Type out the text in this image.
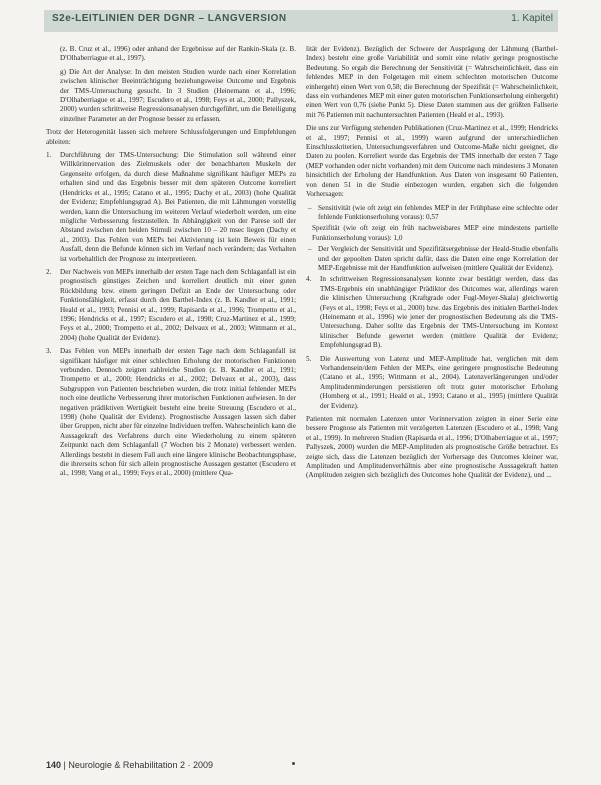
S2e-LEITLINIEN DER DGNR – LANGVERSION	1. Kapitel

(z. B. Cruz et al., 1996) oder anhand der Ergebnisse auf der Rankin-Skala (z. B. D'Olhaberriague et al., 1997).

g) Die Art der Analyse: In den meisten Studien wurde nach einer Korrelation zwischen klinischer Beeinträchtigung beziehungsweise Outcome und Ergebnis der TMS-Untersuchung gesucht. In 3 Studien (Heinemann et al., 1996; D'Olhaberriague et al., 1997; Escudero et al., 1998; Feys et al., 2000; Pallyszek, 2000) wurden schrittweise Regressionsanalysen durchgeführt, um die Beteiligung einzelner Parameter an der Prognose besser zu erfassen.

Trotz der Heterogenität lassen sich mehrere Schlussfolgerungen und Empfehlungen ableiten:

1. Durchführung der TMS-Untersuchung: Die Stimulation soll während einer Willkürinnervation des Zielmuskels oder der benachbarten Muskeln der Gegenseite erfolgen, da durch diese Maßnahme signifikant häufiger MEPs zu erhalten sind und das Ergebnis besser mit dem späteren Outcome korreliert (Hendricks et al., 1995; Catano et al., 1995; Dachy et al., 2003) (hohe Qualität der Evidenz; Empfehlungsgrad A). Bei Patienten, die mit Lähmungen vorstellig werden, kann die Untersuchung im weiteren Verlauf wiederholt werden, um eine mögliche Verbesserung festzustellen. In Abhängigkeit von der Parese soll der Abstand zwischen den beiden Stimuli zwischen 10 – 20 msec liegen (Dachy et al., 2003). Das Fehlen von MEPs bei Aktivierung ist kein Beweis für einen Ausfall, denn die Befunde können sich im Verlauf noch verändern; das Verhalten ist vorbehaltlich der Prognose zu interpretieren.
2. Der Nachweis von MEPs innerhalb der ersten Tage nach dem Schlaganfall ist ein prognostisch günstiges Zeichen und korreliert deutlich mit einer guten Rückbildung bzw. einem geringen Defizit an Ende der Untersuchung oder Funktionsfähigkeit, erfasst durch den Barthel-Index (z. B. Kandler et al., 1991; Heald et al., 1993; Pennisi et al., 1999; Rapisarda et al., 1996; Trompetto et al., 1996; Hendricks et al., 1997; Escudero et al., 1998; Cruz-Martinez et al., 1999; Feys et al., 2000; Trompetto et al., 2002; Delvaux et al., 2003; Wittmann et al., 2004) (hohe Qualität der Evidenz).
3. Das Fehlen von MEPs innerhalb der ersten Tage nach dem Schlaganfall ist signifikant häufiger mit einer schlechten Erholung der motorischen Funktionen verbunden. Dennoch zeigten zahlreiche Studien (z. B. Kandler et al., 1991; Trompetto et al., 2000; Hendricks et al., 2002; Delvaux et al., 2003), dass Subgruppen von Patienten beschrieben wurden, die trotz initial fehlender MEPs noch eine deutliche Verbesserung ihrer motorischen Funktionen aufwiesen. In der negativen prädiktiven Wertigkeit besteht eine breite Streuung (Escudero et al., 1998) (hohe Qualität der Evidenz). Prognostische Aussagen lassen sich daher über Gruppen, nicht aber für einzelne Individuen treffen. Wahrscheinlich kann die Aussagekraft des Verfahrens durch eine Wiederholung zu einem späteren Zeitpunkt nach dem Schlaganfall (7 Wochen bis 2 Monate) verbessert werden. Allerdings besteht in diesem Fall auch eine längere klinische Beobachtungsphase, die ihrerseits schon für sich allein prognostische Aussagen gestattet (Escudero et al., 1998; Vang et al., 1999; Feys et al., 2000) (mittlere Qua-

lität der Evidenz). Bezüglich der Schwere der Ausprägung der Lähmung (Barthel-Index) besteht eine große Variabilität und somit eine relativ geringe prognostische Bedeutung. So ergab die Berechnung der Sensitivität (= Wahrscheinlichkeit, dass ein fehlendes MEP in den Folgetagen mit einem schlechten motorischen Outcome einhergeht) einen Wert von 0,58; die Berechnung der Spezifität (= Wahrscheinlichkeit, dass ein vorhandenes MEP mit einer guten motorischen Funktionserholung einhergeht) einen Wert von 0,76 (siehe Punkt 5). Diese Daten stammen aus der größten Fallserie mit 76 Patienten mit nachuntersuchten Patienten (Heald et al., 1993).

Die uns zur Verfügung stehenden Publikationen (Cruz-Martinez et al., 1999; Hendricks et al., 1997; Pennisi et al., 1999) waren aufgrund der unterschiedlichen Einschlusskriterien, Untersuchungsverfahren und Outcome-Maße nicht geeignet, die Daten zu poolen. Korreliert wurde das Ergebnis der TMS innerhalb der ersten 7 Tage (MEP vorhanden oder nicht vorhanden) mit dem Outcome nach mindestens 3 Monaten hinsichtlich der Erholung der Handfunktion. Aus Daten von insgesamt 60 Patienten, von denen 51 in die Studie einbezogen wurden, ergaben sich die folgenden Vorhersagen:

– Sensitivität (wie oft zeigt ein fehlendes MEP in der Frühphase eine schlechte oder fehlende Funktionserholung voraus): 0,57
Spezifität (wie oft zeigt ein früh nachweisbares MEP eine mindestens partielle Funktionserholung voraus): 1,0
– Der Vergleich der Sensitivität und Spezifitätsergebnisse der Heald-Studie ebenfalls und der gepoolten Daten spricht dafür, dass die Daten eine enge Korrelation der MEP-Ergebnisse mit der Handfunktion aufweisen (mittlere Qualität der Evidenz).
4. In schrittweisen Regressionsanalysen konnte zwar bestätigt werden, dass das TMS-Ergebnis ein unabhängiger Prädiktor des Outcomes war, allerdings waren die klinischen Untersuchung (Kraftgrade oder Fugl-Meyer-Skala) gleichwertig (Feys et al., 1998; Feys et al., 2000) bzw. das Ergebnis des initialen Barthel-Index (Heinemann et al., 1996) wie jener der prognostischen Bedeutung als die TMS-Untersuchung. Daher sollte das Ergebnis der TMS-Untersuchung im Kontext klinischer Befunde gewertet werden (mittlere Qualität der Evidenz; Empfehlungsgrad B).
5. Die Auswertung von Latenz und MEP-Amplitude hat, verglichen mit dem Vorhandensein/dem Fehlen der MEPs, eine geringere prognostische Bedeutung (Catano et al., 1995; Wittmann et al., 2004). Latenzverlängerungen und/oder Amplitudenminderungen persistieren oft trotz guter motorischer Erholung (Homberg et al., 1991; Heald et al., 1993; Catano et al., 1995) (mittlere Qualität der Evidenz).

Patienten mit normalen Latenzen unter Vorinnervation zeigten in einer Serie eine bessere Prognose als Patienten mit verzögerten Latenzen (Escudero et al., 1998; Vang et al., 1999). In mehreren Studien (Rapisarda et al., 1996; D'Olhaberriague et al., 1997; Pallyszek, 2000) wurden die MEP-Amplituden als prognostische Größe betrachtet. Es zeigte sich, dass die Latenzen bezüglich der Vorhersage des Outcomes kleiner war, Amplituden und Amplitudenverhältnis aber eine prognostische Aussagekraft hatten (Amplituden zeigten sich bezüglich des Outcomes hohe Qualität der Evidenz), und ...

140 | Neurologie & Rehabilitation 2 · 2009
